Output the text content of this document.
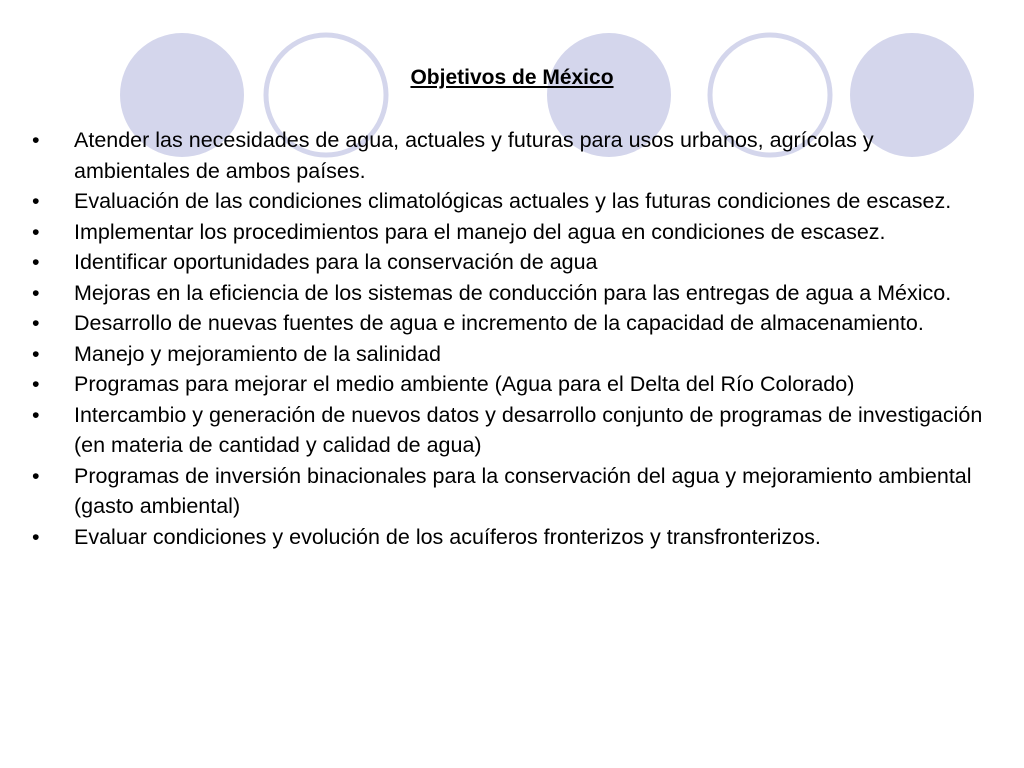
Objetivos de México
• Atender las necesidades de agua, actuales y futuras para usos urbanos, agrícolas y ambientales de ambos países.
• Evaluación de las condiciones climatológicas actuales y las futuras condiciones de escasez.
• Implementar los procedimientos para el manejo del agua en condiciones de escasez.
• Identificar oportunidades para la conservación de agua
• Mejoras en la eficiencia de los sistemas de conducción para las entregas de agua a México.
• Desarrollo de nuevas fuentes de agua e incremento de la capacidad de almacenamiento.
• Manejo y mejoramiento de la salinidad
• Programas para mejorar el medio ambiente (Agua para el Delta del Río Colorado)
• Intercambio y generación de nuevos datos y desarrollo conjunto de programas de investigación (en materia de cantidad y calidad de agua)
• Programas de inversión binacionales para la conservación del agua y mejoramiento ambiental (gasto ambiental)
• Evaluar condiciones y evolución de los acuíferos fronterizos y transfronterizos.
